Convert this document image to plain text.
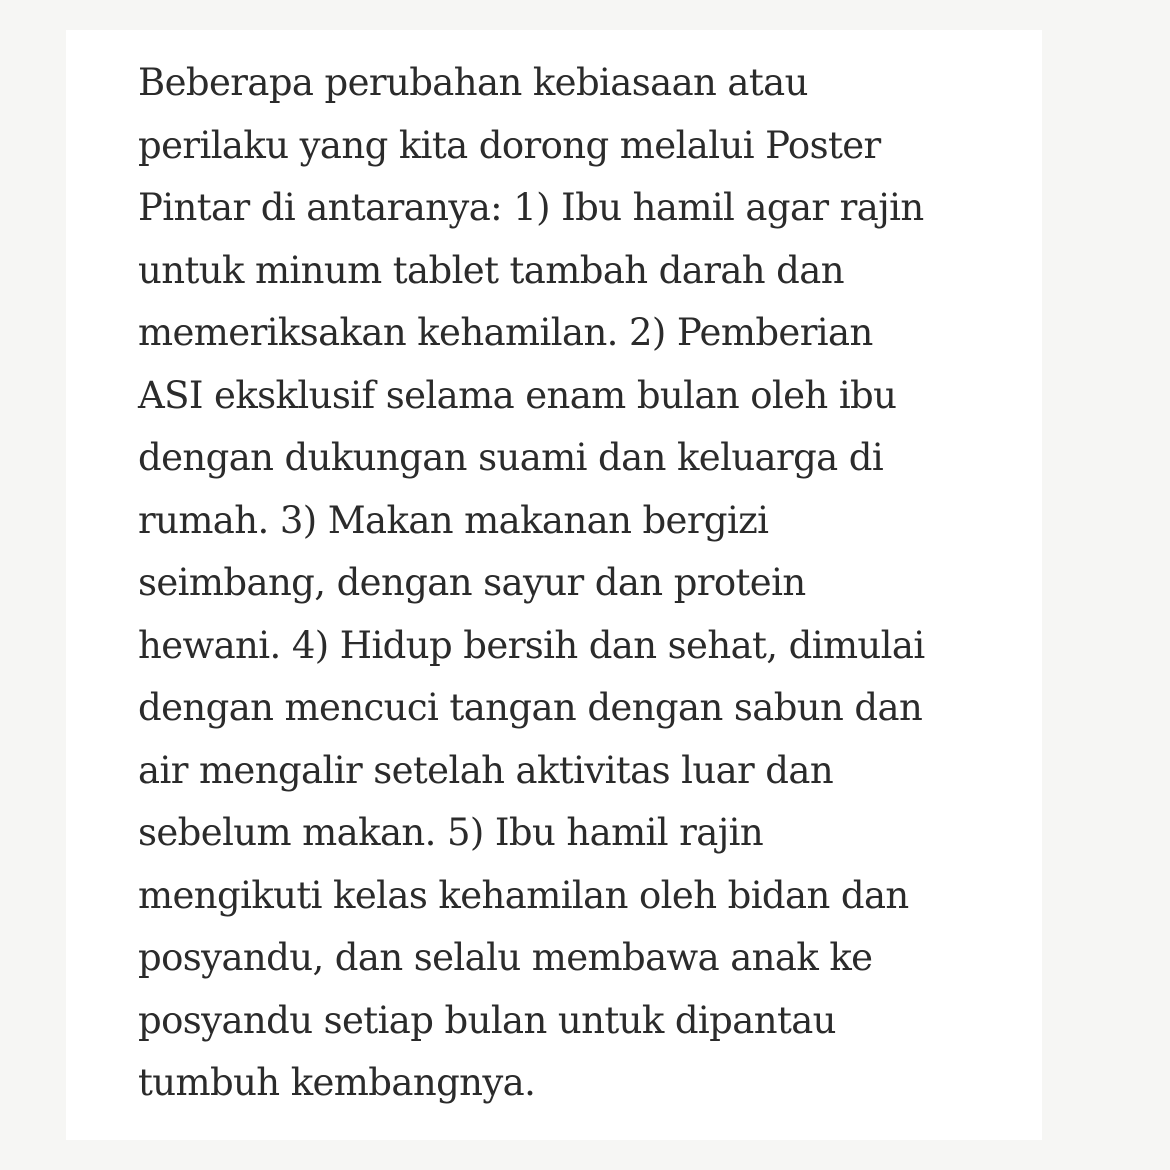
Beberapa perubahan kebiasaan atau
perilaku yang kita dorong melalui Poster
Pintar di antaranya: 1) Ibu hamil agar rajin
untuk minum tablet tambah darah dan
memeriksakan kehamilan. 2) Pemberian
ASI eksklusif selama enam bulan oleh ibu
dengan dukungan suami dan keluarga di
rumah. 3) Makan makanan bergizi
seimbang, dengan sayur dan protein
hewani. 4) Hidup bersih dan sehat, dimulai
dengan mencuci tangan dengan sabun dan
air mengalir setelah aktivitas luar dan
sebelum makan. 5) Ibu hamil rajin
mengikuti kelas kehamilan oleh bidan dan
posyandu, dan selalu membawa anak ke
posyandu setiap bulan untuk dipantau
tumbuh kembangnya.
